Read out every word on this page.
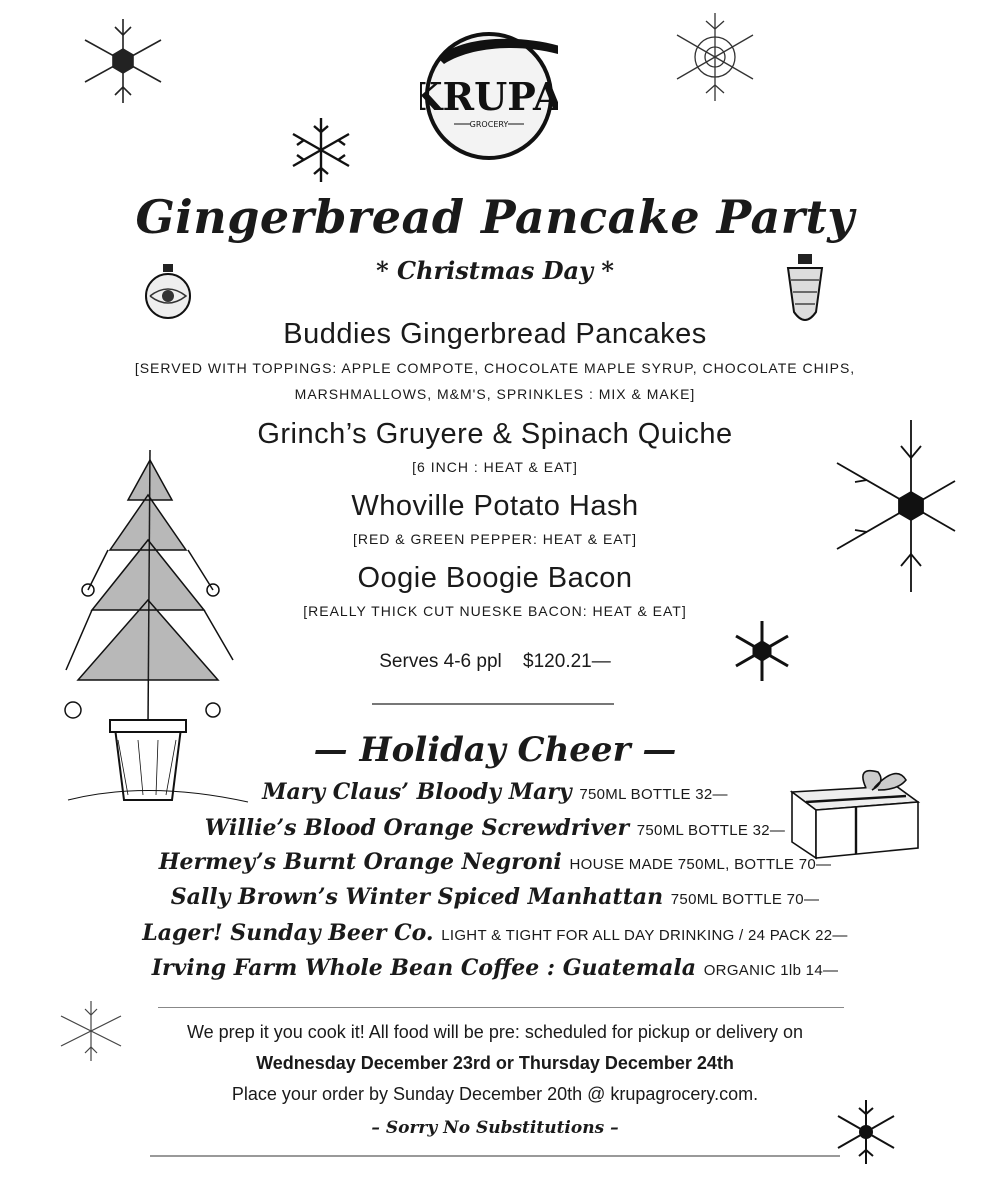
KRUPA
GROCERY
Gingerbread Pancake Party
* Christmas Day *
Buddies Gingerbread Pancakes
[SERVED WITH TOPPINGS: APPLE COMPOTE, CHOCOLATE MAPLE SYRUP, CHOCOLATE CHIPS,
MARSHMALLOWS, M&M'S, SPRINKLES : MIX & MAKE]
Grinch’s Gruyere & Spinach Quiche
[6 INCH : HEAT & EAT]
Whoville Potato Hash
[RED & GREEN PEPPER: HEAT & EAT]
Oogie Boogie Bacon
[REALLY THICK CUT NUESKE BACON: HEAT & EAT]
Serves 4-6 ppl $120.21—
— Holiday Cheer —
Mary Claus’ Bloody Mary 750ML BOTTLE 32—
Willie’s Blood Orange Screwdriver 750ML BOTTLE 32—
Hermey’s Burnt Orange Negroni HOUSE MADE 750ML, BOTTLE 70—
Sally Brown’s Winter Spiced Manhattan 750ML BOTTLE 70—
Lager! Sunday Beer Co. LIGHT & TIGHT FOR ALL DAY DRINKING / 24 PACK 22—
Irving Farm Whole Bean Coffee : Guatemala ORGANIC 1lb 14—
We prep it you cook it! All food will be pre: scheduled for pickup or delivery on
Wednesday December 23rd or Thursday December 24th
Place your order by Sunday December 20th @ krupagrocery.com.
– Sorry No Substitutions –
